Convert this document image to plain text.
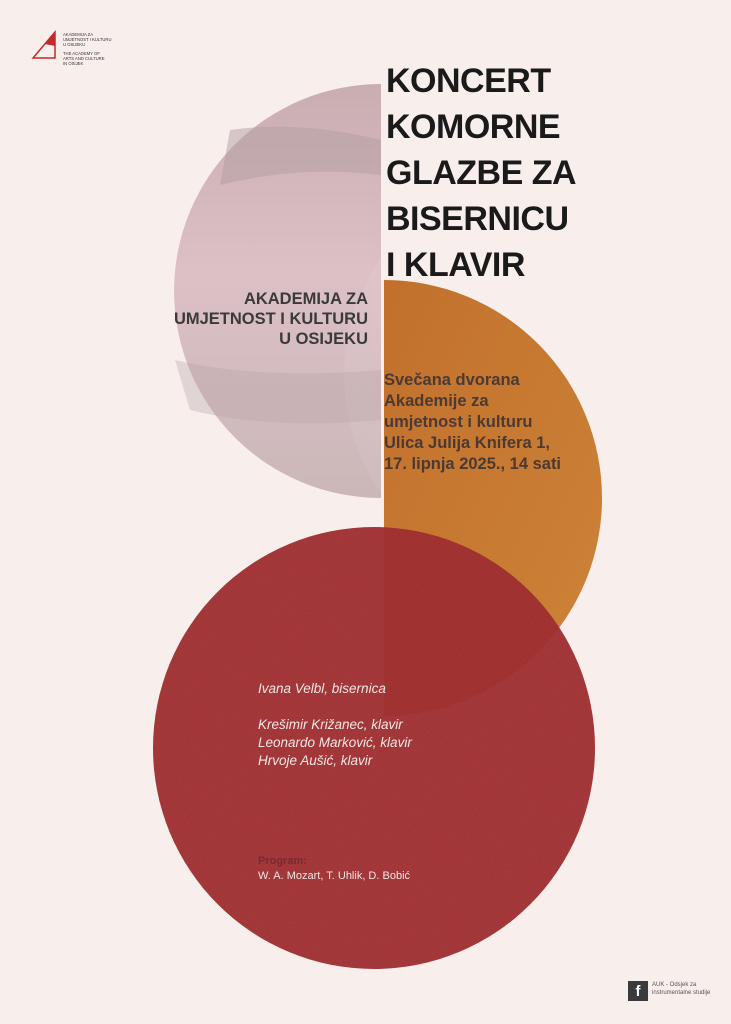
AKADEMIJA ZA
UMJETNOST I KULTURU
U OSIJEKU
THE ACADEMY OF
ARTS AND CULTURE
IN OSIJEK	KONCERT
KOMORNE
GLAZBE ZA
BISERNICU
I KLAVIR
AKADEMIJA ZA
UMJETNOST I KULTURU
U OSIJEKU
Svečana dvorana
Akademije za
umjetnost i kulturu
Ulica Julija Knifera 1,
17. lipnja 2025., 14 sati
Ivana Velbl, bisernica
Krešimir Križanec, klavir
Leonardo Marković, klavir
Hrvoje Aušić, klavir
Program:
W. A. Mozart, T. Uhlik, D. Bobić
f	AUK - Odsjek za instrumentalne studije
